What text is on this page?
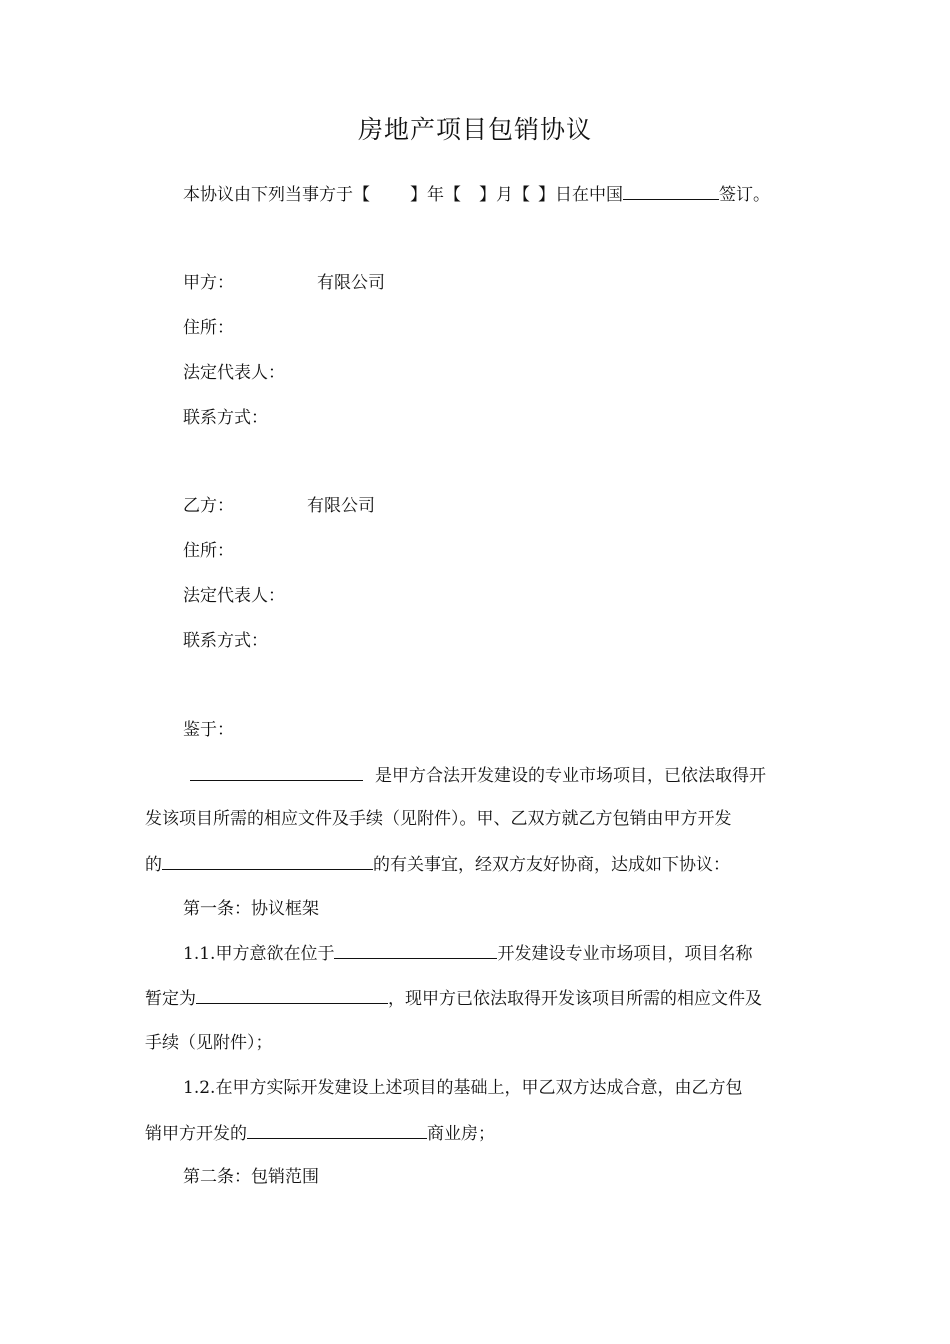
房地产项目包销协议
本协议由下列当事方于【 】年【 】月【 】日在中国	签订。
甲方：	有限公司
住所：
法定代表人：
联系方式：
乙方：	有限公司
住所：
法定代表人：
联系方式：
鉴于：
是甲方合法开发建设的专业市场项目，已依法取得开
发该项目所需的相应文件及手续（见附件）。甲、乙双方就乙方包销由甲方开发
的	的有关事宜，经双方友好协商，达成如下协议：
第一条：协议框架
1.1.甲方意欲在位于	开发建设专业市场项目，项目名称
暂定为	，现甲方已依法取得开发该项目所需的相应文件及
手续（见附件）；
1.2.在甲方实际开发建设上述项目的基础上，甲乙双方达成合意，由乙方包
销甲方开发的	商业房；
第二条：包销范围
